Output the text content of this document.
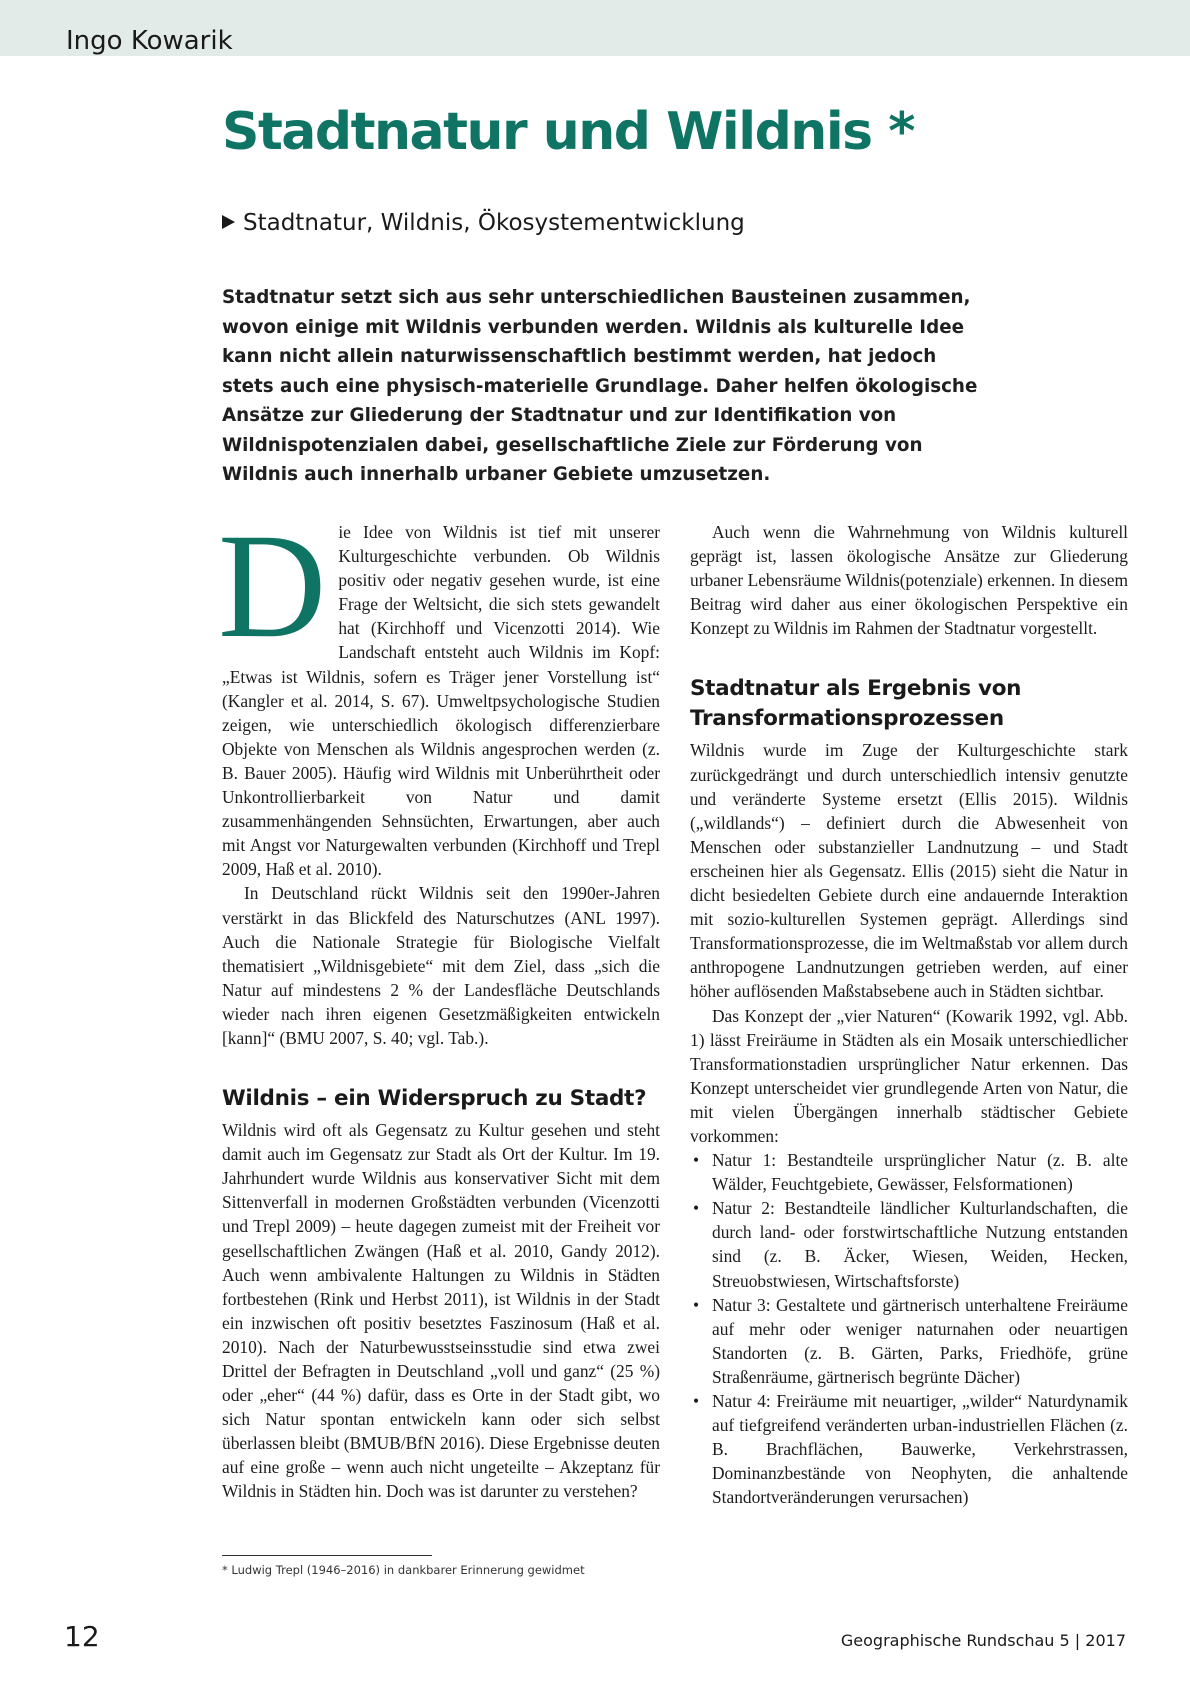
Ingo Kowarik
Stadtnatur und Wildnis *
Stadtnatur, Wildnis, Ökosystementwicklung

Stadtnatur setzt sich aus sehr unterschiedlichen Bausteinen zusammen, wovon einige mit Wildnis verbunden werden. Wildnis als kulturelle Idee kann nicht allein naturwissenschaftlich bestimmt werden, hat jedoch stets auch eine physisch-materielle Grundlage. Daher helfen ökologische Ansätze zur Gliederung der Stadtnatur und zur Identifikation von Wildnispotenzialen dabei, gesellschaftliche Ziele zur Förderung von Wildnis auch innerhalb urbaner Gebiete umzusetzen.

D ie Idee von Wildnis ist tief mit unserer Kulturgeschichte verbunden. Ob Wildnis positiv oder negativ gesehen wurde, ist eine Frage der Weltsicht, die sich stets gewandelt hat (Kirchhoff und Vicenzotti 2014). Wie Landschaft entsteht auch Wildnis im Kopf: „Etwas ist Wildnis, sofern es Träger jener Vorstellung ist“ (Kangler et al. 2014, S. 67). Umweltpsychologische Studien zeigen, wie unterschiedlich ökologisch differenzierbare Objekte von Menschen als Wildnis angesprochen werden (z. B. Bauer 2005). Häufig wird Wildnis mit Unberührtheit oder Unkontrollierbarkeit von Natur und damit zusammenhängenden Sehnsüchten, Erwartungen, aber auch mit Angst vor Naturgewalten verbunden (Kirchhoff und Trepl 2009, Haß et al. 2010).

In Deutschland rückt Wildnis seit den 1990er-Jahren verstärkt in das Blickfeld des Naturschutzes (ANL 1997). Auch die Nationale Strategie für Biologische Vielfalt thematisiert „Wildnisgebiete“ mit dem Ziel, dass „sich die Natur auf mindestens 2 % der Landesfläche Deutschlands wieder nach ihren eigenen Gesetzmäßigkeiten entwickeln [kann]“ (BMU 2007, S. 40; vgl. Tab.).

Wildnis – ein Widerspruch zu Stadt?

Wildnis wird oft als Gegensatz zu Kultur gesehen und steht damit auch im Gegensatz zur Stadt als Ort der Kultur. Im 19. Jahrhundert wurde Wildnis aus konservativer Sicht mit dem Sittenverfall in modernen Großstädten verbunden (Vicenzotti und Trepl 2009) – heute dagegen zumeist mit der Freiheit vor gesellschaftlichen Zwängen (Haß et al. 2010, Gandy 2012). Auch wenn ambivalente Haltungen zu Wildnis in Städten fortbestehen (Rink und Herbst 2011), ist Wildnis in der Stadt ein inzwischen oft positiv besetztes Faszinosum (Haß et al. 2010). Nach der Naturbewusstseinsstudie sind etwa zwei Drittel der Befragten in Deutschland „voll und ganz“ (25 %) oder „eher“ (44 %) dafür, dass es Orte in der Stadt gibt, wo sich Natur spontan entwickeln kann oder sich selbst überlassen bleibt (BMUB/BfN 2016). Diese Ergebnisse deuten auf eine große – wenn auch nicht ungeteilte – Akzeptanz für Wildnis in Städten hin. Doch was ist darunter zu verstehen?

Auch wenn die Wahrnehmung von Wildnis kulturell geprägt ist, lassen ökologische Ansätze zur Gliederung urbaner Lebensräume Wildnis(potenziale) erkennen. In diesem Beitrag wird daher aus einer ökologischen Perspektive ein Konzept zu Wildnis im Rahmen der Stadtnatur vorgestellt.

Stadtnatur als Ergebnis von Transformationsprozessen

Wildnis wurde im Zuge der Kulturgeschichte stark zurückgedrängt und durch unterschiedlich intensiv genutzte und veränderte Systeme ersetzt (Ellis 2015). Wildnis („wildlands“) – definiert durch die Abwesenheit von Menschen oder substanzieller Landnutzung – und Stadt erscheinen hier als Gegensatz. Ellis (2015) sieht die Natur in dicht besiedelten Gebiete durch eine andauernde Interaktion mit sozio-kulturellen Systemen geprägt. Allerdings sind Transformationsprozesse, die im Weltmaßstab vor allem durch anthropogene Landnutzungen getrieben werden, auf einer höher auflösenden Maßstabsebene auch in Städten sichtbar.

Das Konzept der „vier Naturen“ (Kowarik 1992, vgl. Abb. 1) lässt Freiräume in Städten als ein Mosaik unterschiedlicher Transformationstadien ursprünglicher Natur erkennen. Das Konzept unterscheidet vier grundlegende Arten von Natur, die mit vielen Übergängen innerhalb städtischer Gebiete vorkommen:

• Natur 1: Bestandteile ursprünglicher Natur (z. B. alte Wälder, Feuchtgebiete, Gewässer, Felsformationen)
• Natur 2: Bestandteile ländlicher Kulturlandschaften, die durch land- oder forstwirtschaftliche Nutzung entstanden sind (z. B. Äcker, Wiesen, Weiden, Hecken, Streuobstwiesen, Wirtschaftsforste)
• Natur 3: Gestaltete und gärtnerisch unterhaltene Freiräume auf mehr oder weniger naturnahen oder neuartigen Standorten (z. B. Gärten, Parks, Friedhöfe, grüne Straßenräume, gärtnerisch begrünte Dächer)
• Natur 4: Freiräume mit neuartiger, „wilder“ Naturdynamik auf tiefgreifend veränderten urban-industriellen Flächen (z. B. Brachflächen, Bauwerke, Verkehrstrassen, Dominanzbestände von Neophyten, die anhaltende Standortveränderungen verursachen)
* Ludwig Trepl (1946–2016) in dankbarer Erinnerung gewidmet
12	Geographische Rundschau 5 | 2017
